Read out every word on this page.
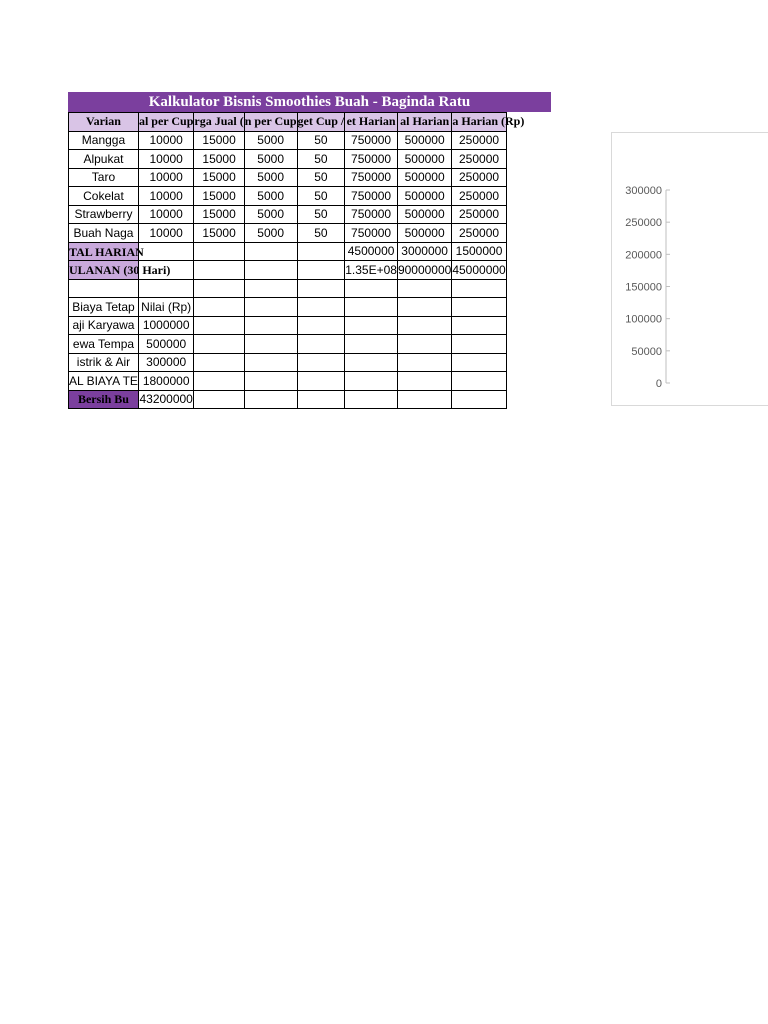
Kalkulator Bisnis Smoothies Buah - Baginda Ratu
Varian	al per Cup	rga Jual (	n per Cup	get Cup /	et Harian	al Harian	a Harian (Rp)

Mangga	10000	15000	5000	50	750000	500000	250000
Alpukat	10000	15000	5000	50	750000	500000	250000
Taro	10000	15000	5000	50	750000	500000	250000
Cokelat	10000	15000	5000	50	750000	500000	250000
Strawberry	10000	15000	5000	50	750000	500000	250000
Buah Naga	10000	15000	5000	50	750000	500000	250000

TAL HARIAN					4500000	3000000	1500000

ULANAN (30 Hari)					1.35E+08	90000000	45000000

Biaya Tetap	Nilai (Rp)						
aji Karyawa	1000000						
ewa Tempa	500000						
istrik & Air	300000						
AL BIAYA TE	1800000						
Bersih Bu	43200000						
300000
250000
200000
150000
100000
50000
0
